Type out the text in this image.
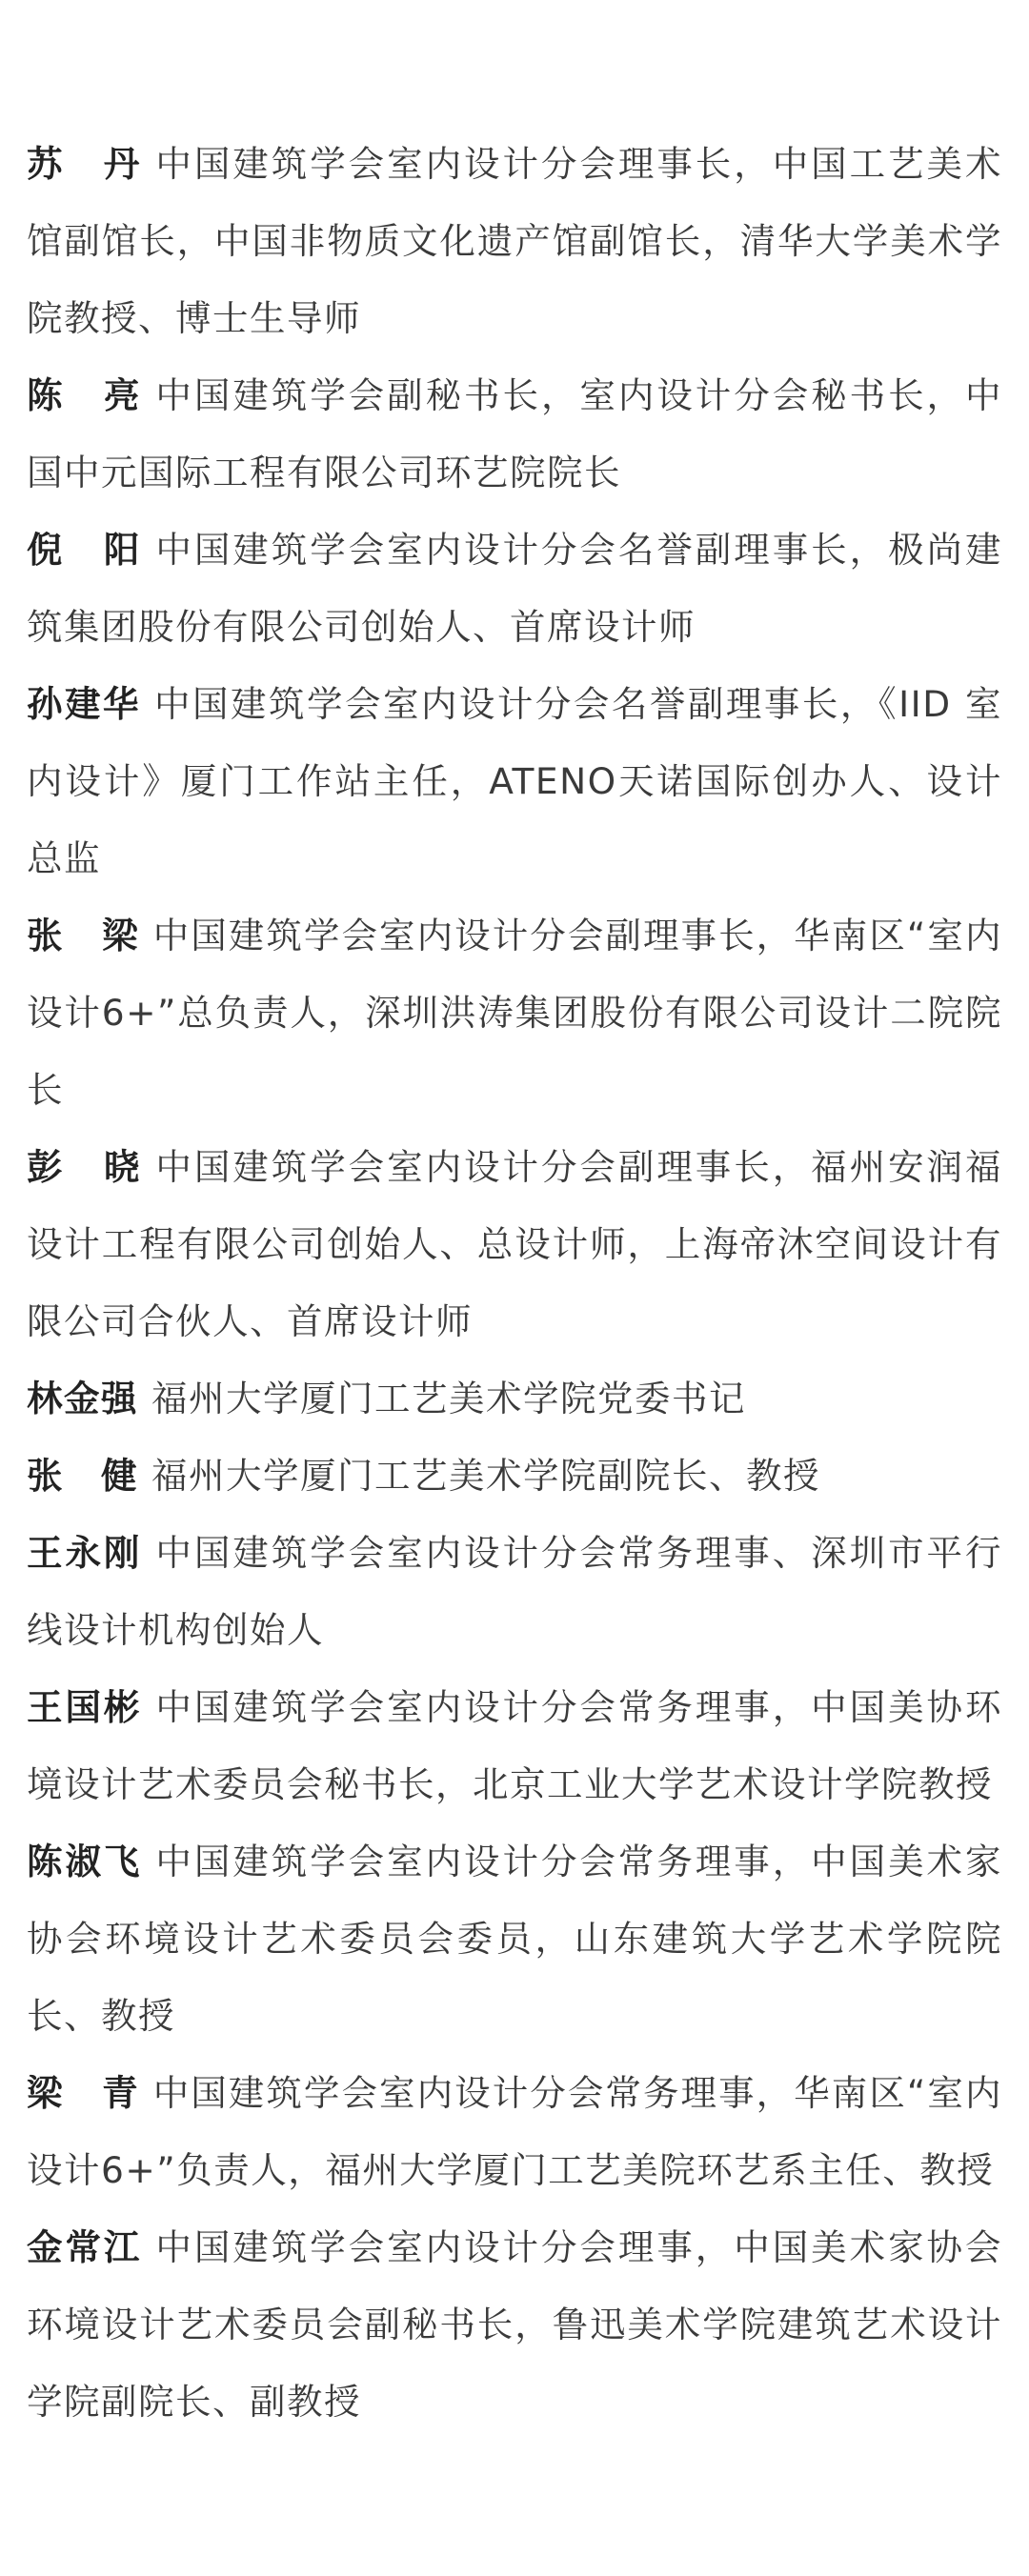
苏　丹 中国建筑学会室内设计分会理事长，中国工艺美术馆副馆长，中国非物质文化遗产馆副馆长，清华大学美术学院教授、博士生导师

陈　亮 中国建筑学会副秘书长，室内设计分会秘书长，中国中元国际工程有限公司环艺院院长

倪　阳 中国建筑学会室内设计分会名誉副理事长，极尚建筑集团股份有限公司创始人、首席设计师

孙建华 中国建筑学会室内设计分会名誉副理事长，《IID 室内设计》厦门工作站主任，ATENO天诺国际创办人、设计总监

张　梁 中国建筑学会室内设计分会副理事长，华南区“室内设计6+”总负责人，深圳洪涛集团股份有限公司设计二院院长

彭　晓 中国建筑学会室内设计分会副理事长，福州安润福设计工程有限公司创始人、总设计师，上海帝沐空间设计有限公司合伙人、首席设计师

林金强 福州大学厦门工艺美术学院党委书记

张　健 福州大学厦门工艺美术学院副院长、教授

王永刚 中国建筑学会室内设计分会常务理事、深圳市平行线设计机构创始人

王国彬 中国建筑学会室内设计分会常务理事，中国美协环境设计艺术委员会秘书长，北京工业大学艺术设计学院教授

陈淑飞 中国建筑学会室内设计分会常务理事，中国美术家协会环境设计艺术委员会委员，山东建筑大学艺术学院院长、教授

梁　青 中国建筑学会室内设计分会常务理事，华南区“室内设计6+”负责人，福州大学厦门工艺美院环艺系主任、教授

金常江 中国建筑学会室内设计分会理事，中国美术家协会环境设计艺术委员会副秘书长，鲁迅美术学院建筑艺术设计学院副院长、副教授
